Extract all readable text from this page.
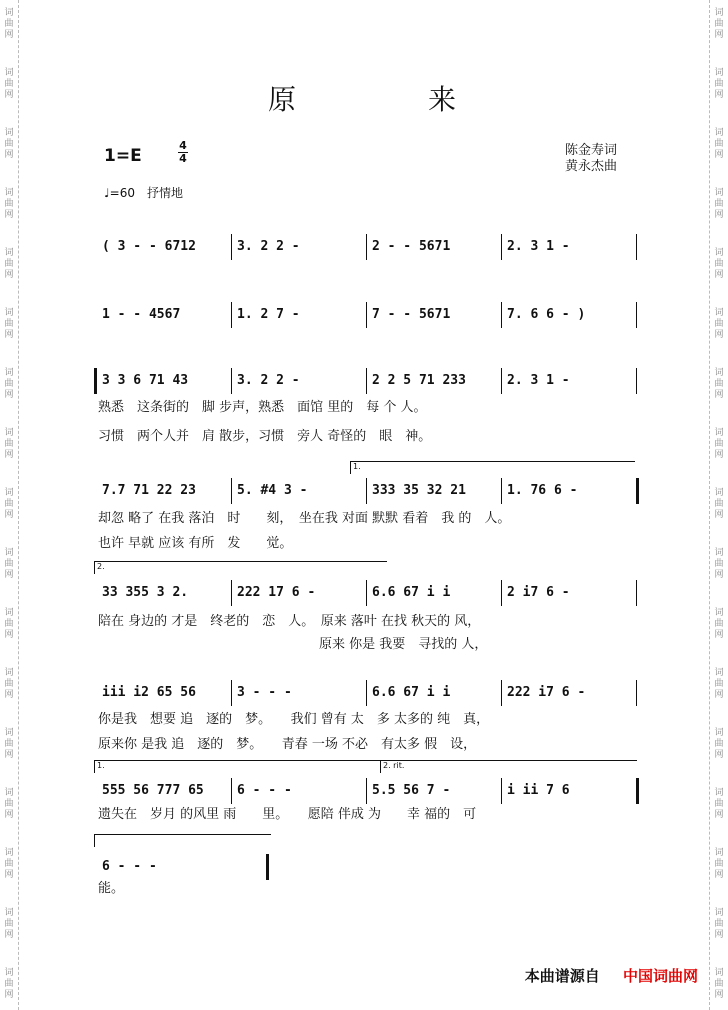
词
曲
网
词
曲
网
词
曲
网
词
曲
网
词
曲
网
词
曲
网
词
曲
网
词
曲
网
词
曲
网
词
曲
网
词
曲
网
词
曲
网
词
曲
网
词
曲
网
词
曲
网
词
曲
网
词
曲
网
词
曲
网
词
曲
网
词
曲
网
词
曲
网
词
曲
网
词
曲
网
词
曲
网
词
曲
网
词
曲
网
词
曲
网
词
曲
网
词
曲
网
词
曲
网
词
曲
网
词
曲
网
词
曲
网
词
曲
网
原　　　　来
1=E
4
4
♩=60　抒情地
陈金寿词
黄永杰曲
( 3 - - 6712	3. 2 2 -	2 - - 5671	2. 3 1 -
1 - - 4567	1. 2 7 -	7 - - 5671	7. 6 6 - )
3 3 6 71 43	3. 2 2 -	2 2 5 71 233	2. 3 1 -
7.7 71 22 23	5. #4 3 -	333 35 32 21	1. 76 6 -
33 355 3 2.	222 17 6 -	6.6 67 i i	2 i7 6 -
iii i2 65 56	3 - - -	6.6 67 i i	222 i7 6 -
555 56 777 65	6 - - -	5.5 56 7 -	i ii 7 6
6 - - -
1.
2.
1.	2. rit.
熟悉　这条街的　脚 步声，熟悉　面馆 里的　每 个 人。
习惯　两个人并　肩 散步，习惯　旁人 奇怪的　眼　神。
却忽 略了 在我 落泊　时　　刻，　坐在我 对面 默默 看着　我 的　人。
也许 早就 应该 有所　发　　觉。
陪在 身边的 才是　终老的　恋　人。　原来 落叶 在找 秋天的 风，
　　　　　　　　　　　　　　　　　原来 你是 我要　寻找的 人，
你是我　想要 追　逐的　梦。　　我们 曾有 太　多 太多的 纯　真，
原来你 是我 追　逐的　梦。　　青春 一场 不必　有太多 假　设，
遗失在　岁月 的风里 雨　　里。　　愿陪 伴成 为　　幸 福的　可
能。
本曲谱源自 中国词曲网
